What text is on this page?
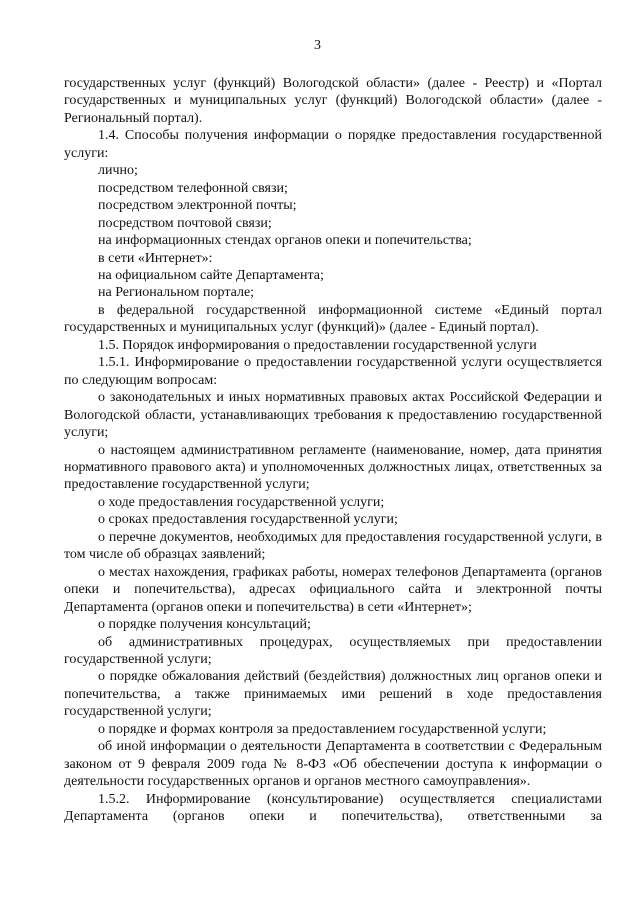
3

государственных услуг (функций) Вологодской области» (далее - Реестр) и «Портал государственных и муниципальных услуг (функций) Вологодской области» (далее - Региональный портал).

1.4. Способы получения информации о порядке предоставления государственной услуги:

лично;

посредством телефонной связи;

посредством электронной почты;

посредством почтовой связи;

на информационных стендах органов опеки и попечительства;

в сети «Интернет»:

на официальном сайте Департамента;

на Региональном портале;

в федеральной государственной информационной системе «Единый портал государственных и муниципальных услуг (функций)» (далее - Единый портал).

1.5. Порядок информирования о предоставлении государственной услуги

1.5.1. Информирование о предоставлении государственной услуги осуществляется по следующим вопросам:

о законодательных и иных нормативных правовых актах Российской Федерации и Вологодской области, устанавливающих требования к предоставлению государственной услуги;

о настоящем административном регламенте (наименование, номер, дата принятия нормативного правового акта) и уполномоченных должностных лицах, ответственных за предоставление государственной услуги;

о ходе предоставления государственной услуги;

о сроках предоставления государственной услуги;

о перечне документов, необходимых для предоставления государственной услуги, в том числе об образцах заявлений;

о местах нахождения, графиках работы, номерах телефонов Департамента (органов опеки и попечительства), адресах официального сайта и электронной почты Департамента (органов опеки и попечительства) в сети «Интернет»;

о порядке получения консультаций;

об административных процедурах, осуществляемых при предоставлении государственной услуги;

о порядке обжалования действий (бездействия) должностных лиц органов опеки и попечительства, а также принимаемых ими решений в ходе предоставления государственной услуги;

о порядке и формах контроля за предоставлением государственной услуги;

об иной информации о деятельности Департамента в соответствии с Федеральным законом от 9 февраля 2009 года № 8-ФЗ «Об обеспечении доступа к информации о деятельности государственных органов и органов местного самоуправления».

1.5.2. Информирование (консультирование) осуществляется специалистами Департамента (органов опеки и попечительства), ответственными за
